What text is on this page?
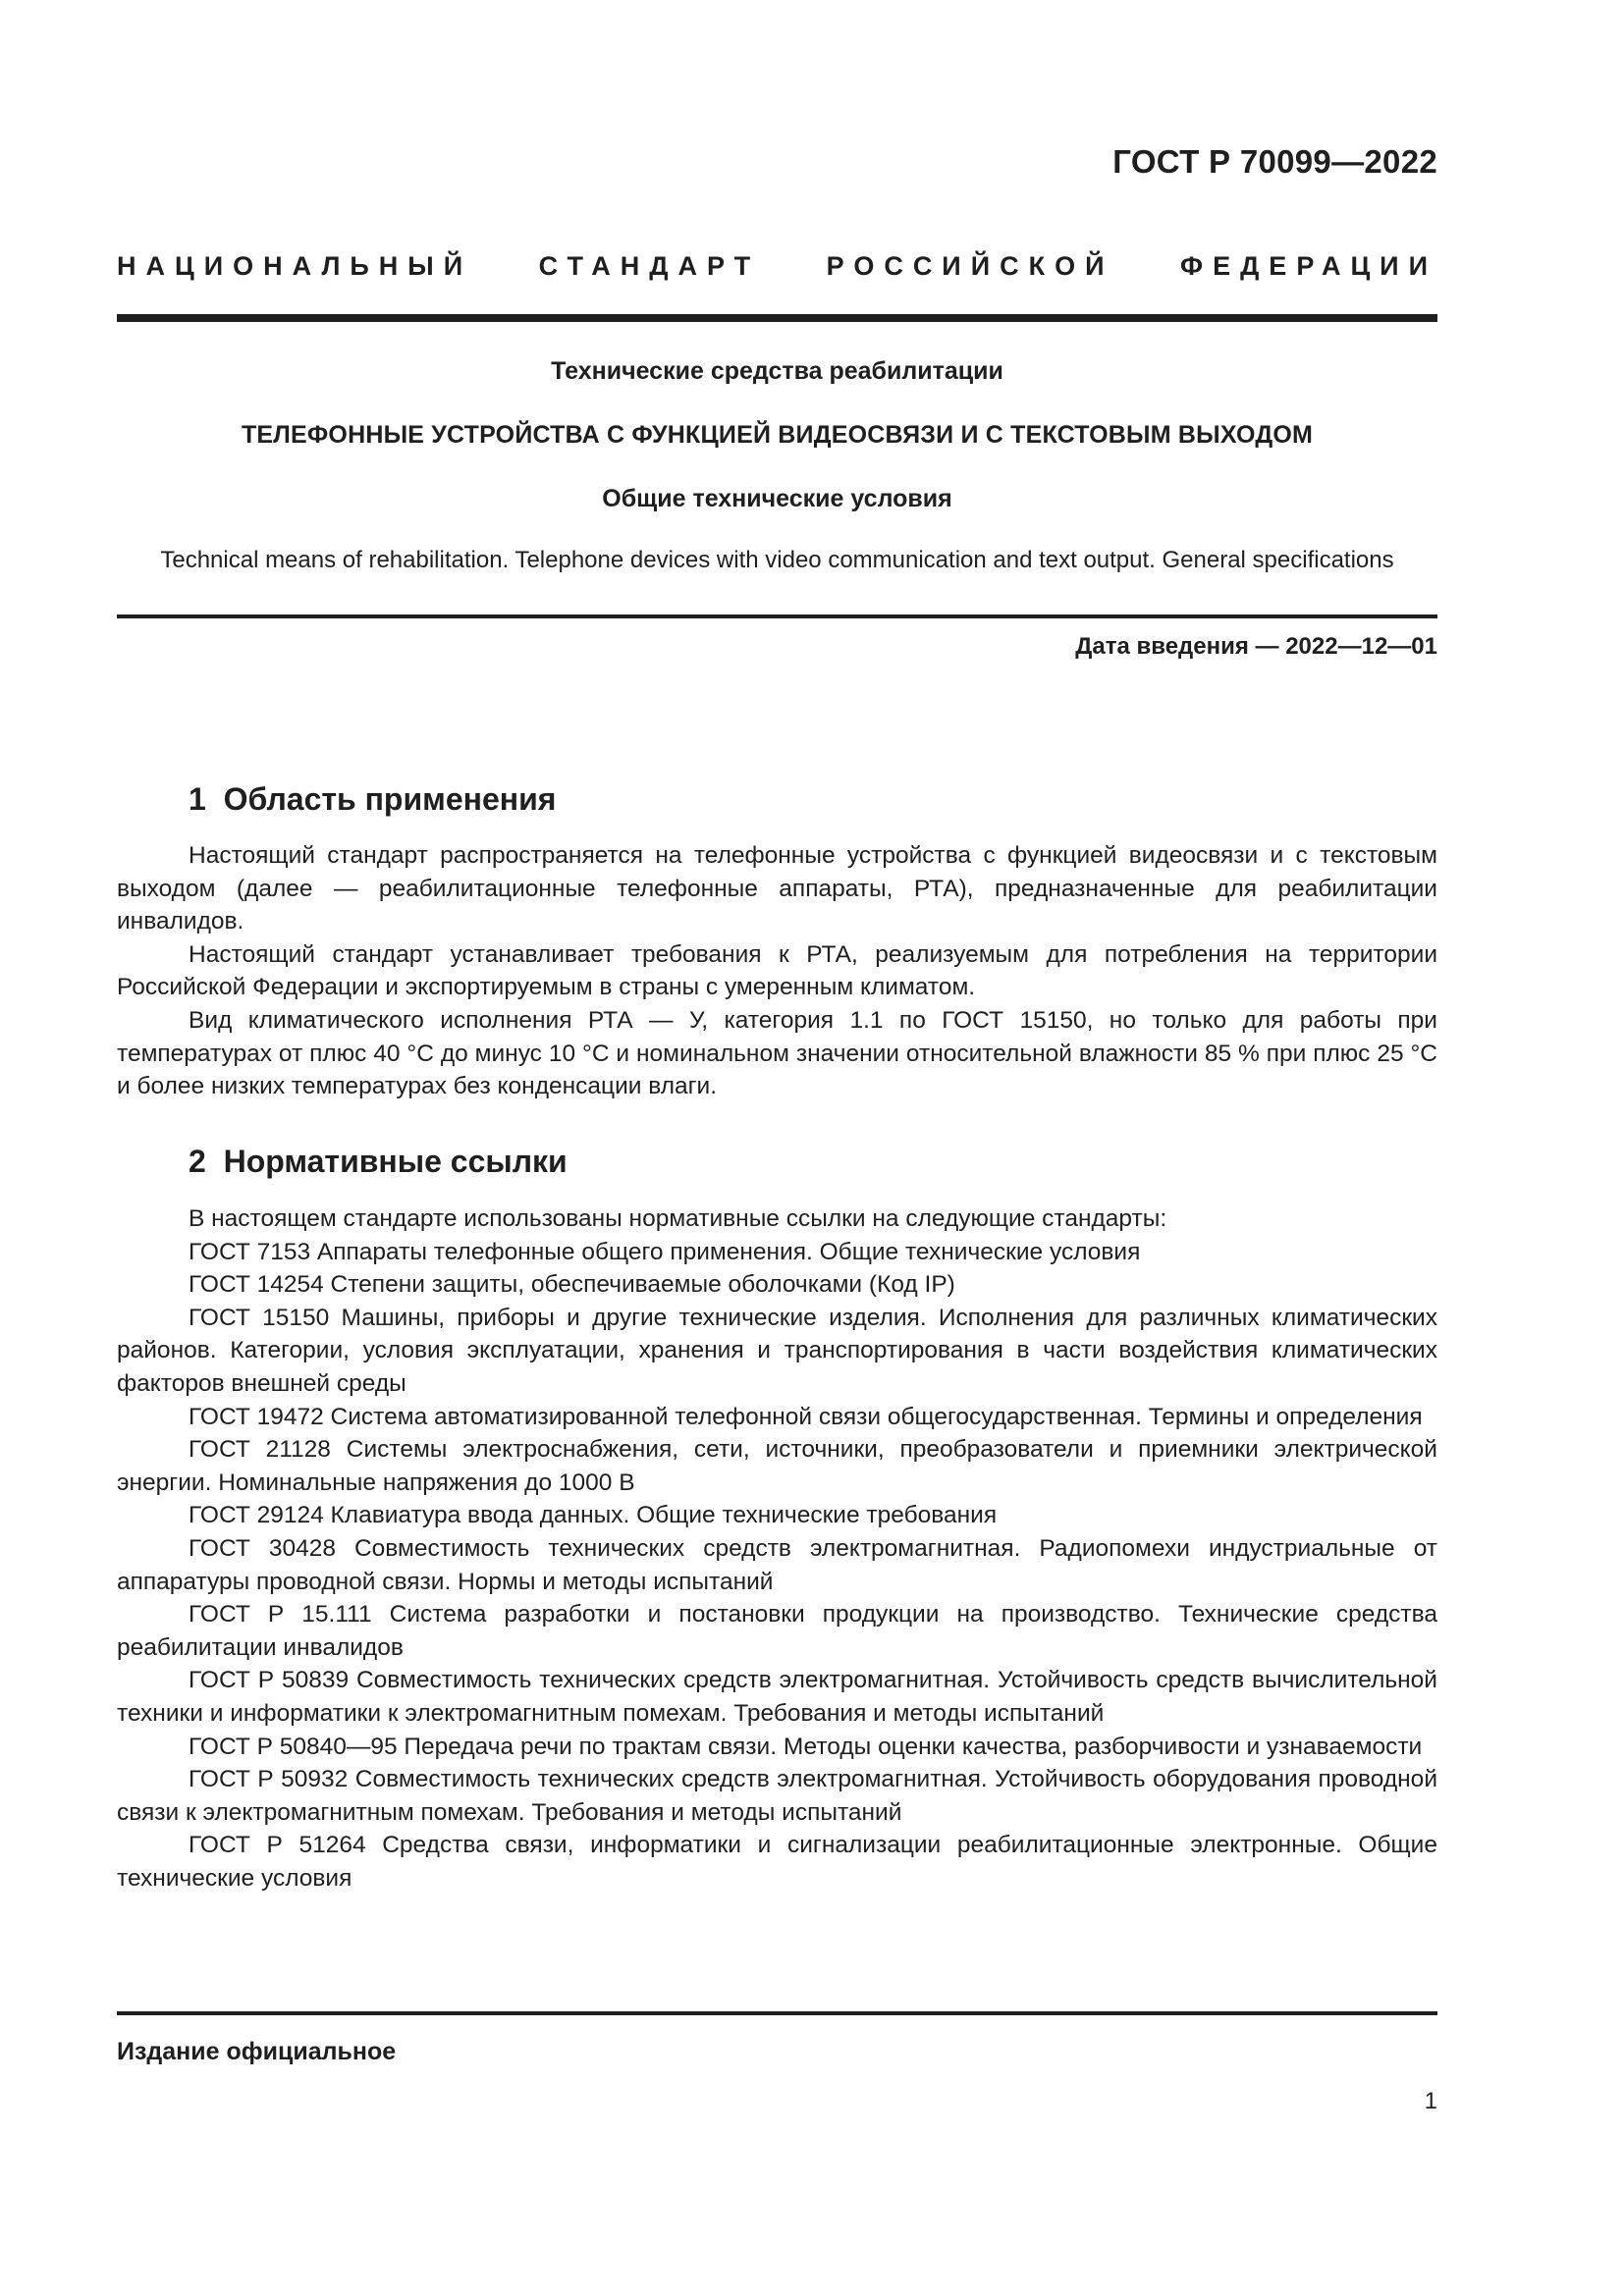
ГОСТ Р 70099—2022
НАЦИОНАЛЬНЫЙ СТАНДАРТ РОССИЙСКОЙ ФЕДЕРАЦИИ
Технические средства реабилитации
ТЕЛЕФОННЫЕ УСТРОЙСТВА С ФУНКЦИЕЙ ВИДЕОСВЯЗИ И С ТЕКСТОВЫМ ВЫХОДОМ
Общие технические условия
Technical means of rehabilitation. Telephone devices with video communication and text output. General specifications
Дата введения — 2022—12—01
1  Область применения

Настоящий стандарт распространяется на телефонные устройства с функцией видеосвязи и с текстовым выходом (далее — реабилитационные телефонные аппараты, РТА), предназначенные для реабилитации инвалидов.

Настоящий стандарт устанавливает требования к РТА, реализуемым для потребления на территории Российской Федерации и экспортируемым в страны с умеренным климатом.

Вид климатического исполнения РТА — У, категория 1.1 по ГОСТ 15150, но только для работы при температурах от плюс 40 °С до минус 10 °С и номинальном значении относительной влажности 85 % при плюс 25 °С и более низких температурах без конденсации влаги.

2  Нормативные ссылки

В настоящем стандарте использованы нормативные ссылки на следующие стандарты:

ГОСТ 7153 Аппараты телефонные общего применения. Общие технические условия

ГОСТ 14254 Степени защиты, обеспечиваемые оболочками (Код IP)

ГОСТ 15150 Машины, приборы и другие технические изделия. Исполнения для различных климатических районов. Категории, условия эксплуатации, хранения и транспортирования в части воздействия климатических факторов внешней среды

ГОСТ 19472 Система автоматизированной телефонной связи общегосударственная. Термины и определения

ГОСТ 21128 Системы электроснабжения, сети, источники, преобразователи и приемники электрической энергии. Номинальные напряжения до 1000 В

ГОСТ 29124 Клавиатура ввода данных. Общие технические требования

ГОСТ 30428 Совместимость технических средств электромагнитная. Радиопомехи индустриальные от аппаратуры проводной связи. Нормы и методы испытаний

ГОСТ Р 15.111 Система разработки и постановки продукции на производство. Технические средства реабилитации инвалидов

ГОСТ Р 50839 Совместимость технических средств электромагнитная. Устойчивость средств вычислительной техники и информатики к электромагнитным помехам. Требования и методы испытаний

ГОСТ Р 50840—95 Передача речи по трактам связи. Методы оценки качества, разборчивости и узнаваемости

ГОСТ Р 50932 Совместимость технических средств электромагнитная. Устойчивость оборудования проводной связи к электромагнитным помехам. Требования и методы испытаний

ГОСТ Р 51264 Средства связи, информатики и сигнализации реабилитационные электронные. Общие технические условия

Издание официальное
1
